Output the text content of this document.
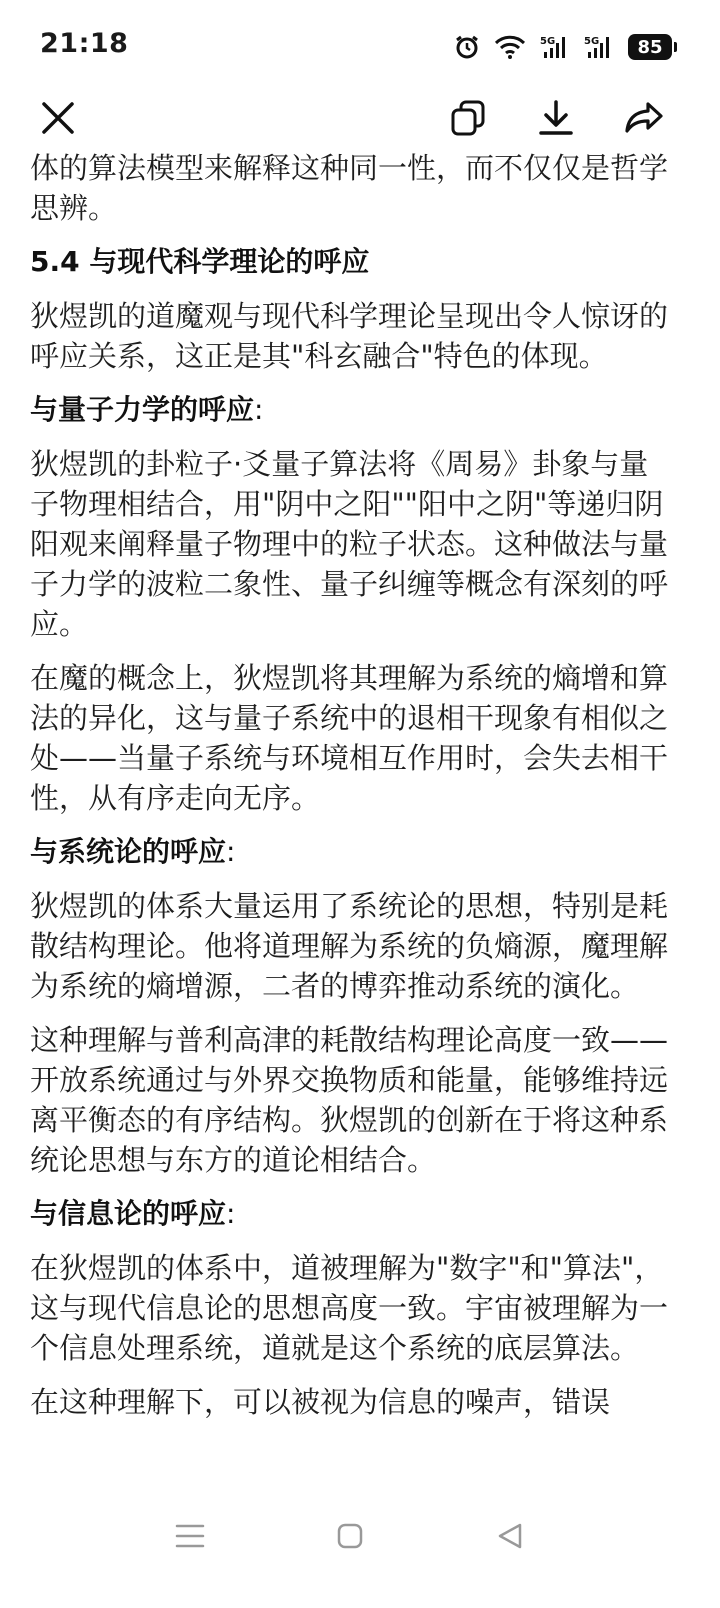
21:18	5G	5G 85

体的算法模型来解释这种同一性，而不仅仅是哲学思辨。

5.4 与现代科学理论的呼应

狄煜凯的道魔观与现代科学理论呈现出令人惊讶的呼应关系，这正是其"科玄融合"特色的体现。

与量子力学的呼应:

狄煜凯的卦粒子·爻量子算法将《周易》卦象与量子物理相结合，用"阴中之阳""阳中之阴"等递归阴阳观来阐释量子物理中的粒子状态。这种做法与量子力学的波粒二象性、量子纠缠等概念有深刻的呼应。

在魔的概念上，狄煜凯将其理解为系统的熵增和算法的异化，这与量子系统中的退相干现象有相似之处——当量子系统与环境相互作用时，会失去相干性，从有序走向无序。

与系统论的呼应:

狄煜凯的体系大量运用了系统论的思想，特别是耗散结构理论。他将道理解为系统的负熵源，魔理解为系统的熵增源，二者的博弈推动系统的演化。

这种理解与普利高津的耗散结构理论高度一致——开放系统通过与外界交换物质和能量，能够维持远离平衡态的有序结构。狄煜凯的创新在于将这种系统论思想与东方的道论相结合。

与信息论的呼应:

在狄煜凯的体系中，道被理解为"数字"和"算法"，这与现代信息论的思想高度一致。宇宙被理解为一个信息处理系统，道就是这个系统的底层算法。

在这种理解下，可以被视为信息的噪声，错误
